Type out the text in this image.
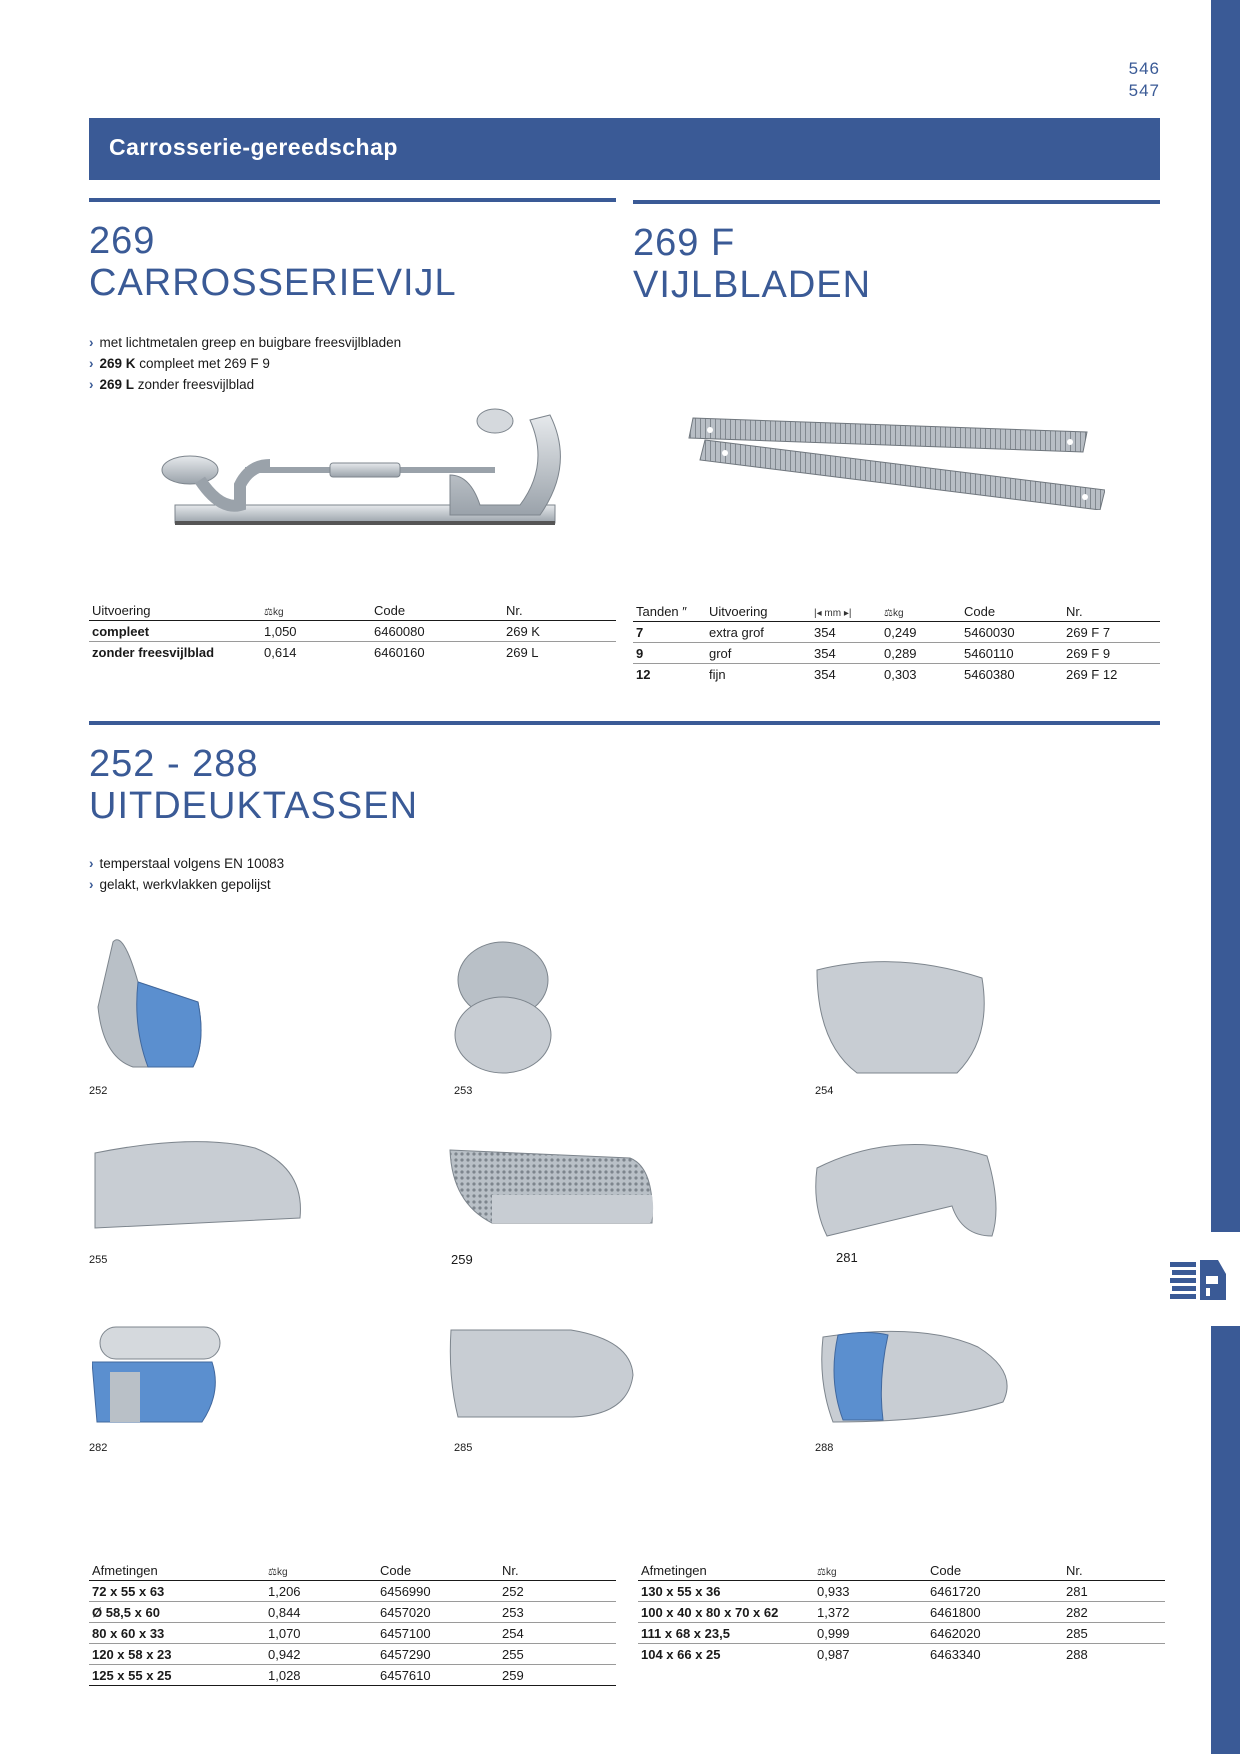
546
547
Carrosserie-gereedschap
269
CARROSSERIEVIJL
› met lichtmetalen greep en buigbare freesvijlbladen
› 269 K compleet met 269 F 9
› 269 L zonder freesvijlblad
Uitvoering	⚖kg	Code	Nr.
compleet	1,050	6460080	269 K
zonder freesvijlblad	0,614	6460160	269 L
269 F
VIJLBLADEN
Tanden ″	Uitvoering	|◂ mm ▸|	⚖kg	Code	Nr.
7	extra grof	354	0,249	5460030	269 F 7
9	grof	354	0,289	5460110	269 F 9
12	fijn	354	0,303	5460380	269 F 12
252 - 288
UITDEUKTASSEN
› temperstaal volgens EN 10083
› gelakt, werkvlakken gepolijst
252	253	254
255	259	281
282	285	288
Afmetingen	⚖kg	Code	Nr.
72 x 55 x 63	1,206	6456990	252
Ø 58,5 x 60	0,844	6457020	253
80 x 60 x 33	1,070	6457100	254
120 x 58 x 23	0,942	6457290	255
125 x 55 x 25	1,028	6457610	259
Afmetingen	⚖kg	Code	Nr.
130 x 55 x 36	0,933	6461720	281
100 x 40 x 80 x 70 x 62	1,372	6461800	282
111 x 68 x 23,5	0,999	6462020	285
104 x 66 x 25	0,987	6463340	288
